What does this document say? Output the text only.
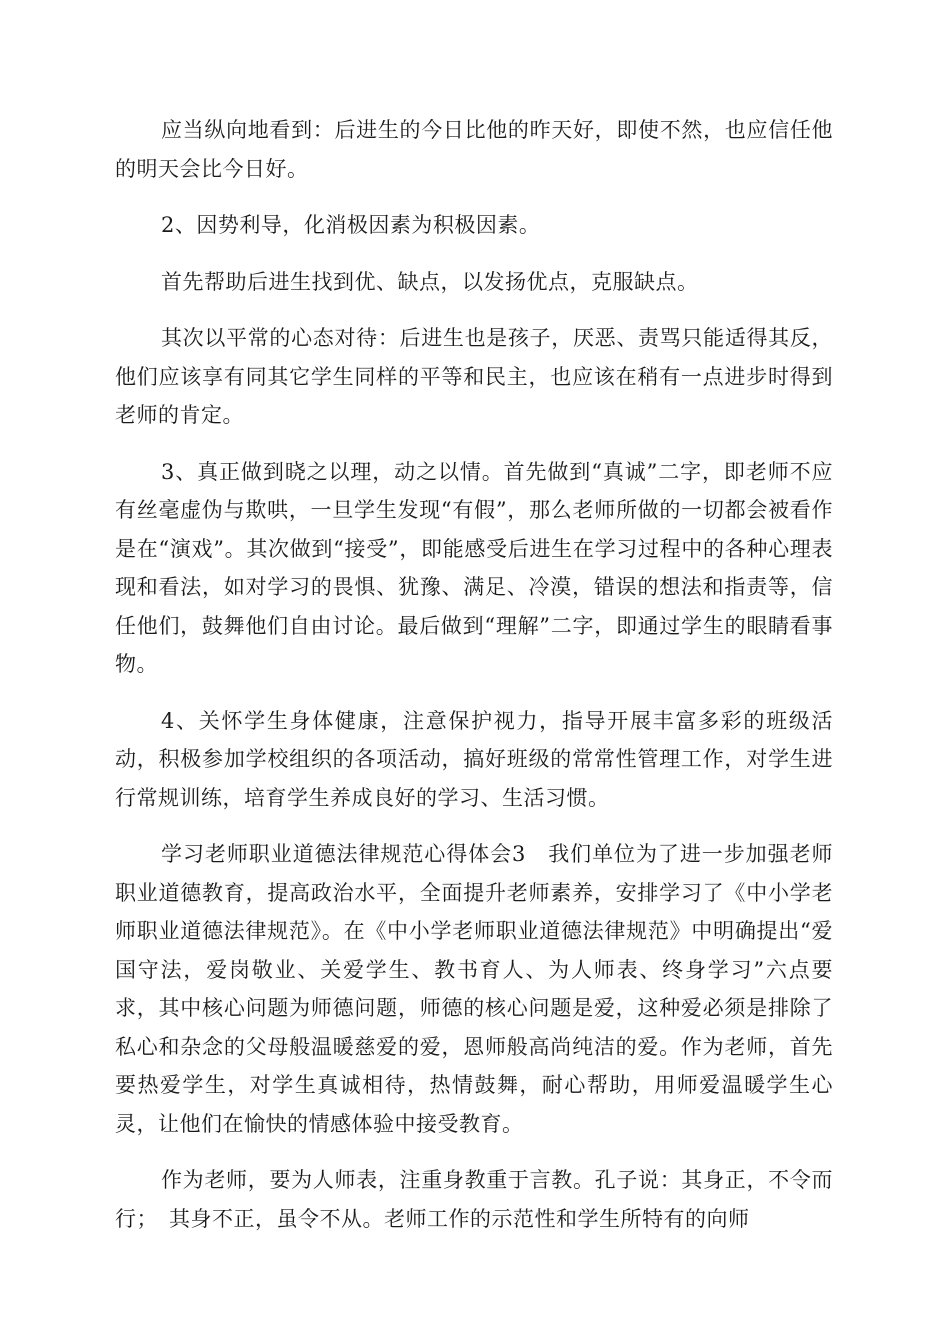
应当纵向地看到：后进生的今日比他的昨天好，即使不然，也应信任他的明天会比今日好。

2、因势利导，化消极因素为积极因素。

首先帮助后进生找到优、缺点，以发扬优点，克服缺点。

其次以平常的心态对待：后进生也是孩子，厌恶、责骂只能适得其反，他们应该享有同其它学生同样的平等和民主，也应该在稍有一点进步时得到老师的肯定。

3、真正做到晓之以理，动之以情。首先做到“真诚”二字，即老师不应有丝毫虚伪与欺哄，一旦学生发现“有假”，那么老师所做的一切都会被看作是在“演戏”。其次做到“接受”，即能感受后进生在学习过程中的各种心理表现和看法，如对学习的畏惧、犹豫、满足、冷漠，错误的想法和指责等，信任他们，鼓舞他们自由讨论。最后做到“理解”二字，即通过学生的眼睛看事物。

4、关怀学生身体健康，注意保护视力，指导开展丰富多彩的班级活动，积极参加学校组织的各项活动，搞好班级的常常性管理工作，对学生进行常规训练，培育学生养成良好的学习、生活习惯。

学习老师职业道德法律规范心得体会3　我们单位为了进一步加强老师职业道德教育，提高政治水平，全面提升老师素养，安排学习了《中小学老师职业道德法律规范》。在《中小学老师职业道德法律规范》中明确提出“爱国守法，爱岗敬业、关爱学生、教书育人、为人师表、终身学习”六点要求，其中核心问题为师德问题，师德的核心问题是爱，这种爱必须是排除了私心和杂念的父母般温暖慈爱的爱，恩师般高尚纯洁的爱。作为老师，首先要热爱学生，对学生真诚相待，热情鼓舞，耐心帮助，用师爱温暖学生心灵，让他们在愉快的情感体验中接受教育。

作为老师，要为人师表，注重身教重于言教。孔子说：其身正，不令而行；　其身不正，虽令不从。老师工作的示范性和学生所特有的向师
